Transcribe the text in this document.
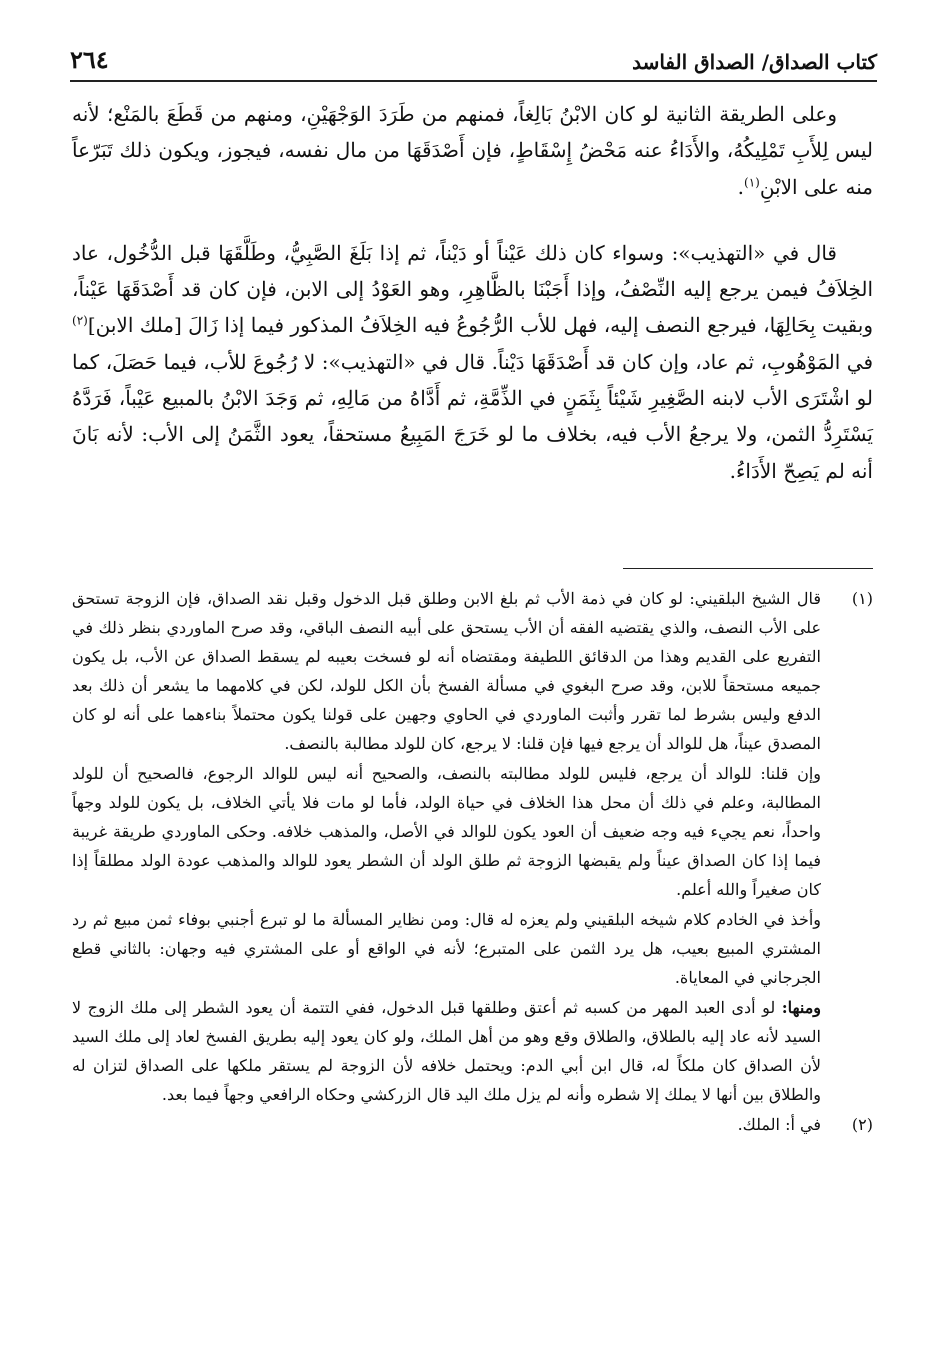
كتاب الصداق/ الصداق الفاسد
٢٦٤

وعلى الطريقة الثانية لو كان الابْنُ بَالِغاً، فمنهم من طَرَدَ الوَجْهَيْنِ، ومنهم من قَطَعَ بالمَنْع؛ لأنه ليس لِلأَبِ تَمْلِيكُهُ، والأَدَاءُ عنه مَحْضُ إِسْقَاطٍ، فإن أَصْدَقَهَا من مال نفسه، فيجوز، ويكون ذلك تَبَرّعاً منه على الابْنِ$^{(١)}$.

قال في «التهذيب»: وسواء كان ذلك عَيْناً أو دَيْناً، ثم إذا بَلَغَ الصَّبِيُّ، وطَلَّقَهَا قبل الدُّخُول، عاد الخِلاَفُ فيمن يرجع إليه النِّصْفُ، وإذا أَجَبْنَا بالظَّاهِرِ، وهو العَوْدُ إلى الابن، فإن كان قد أَصْدَقَهَا عَيْناً، وبقيت بِحَالِهَا، فيرجع النصف إليه، فهل للأب الرُّجُوعُ فيه الخِلاَفُ المذكور فيما إذا زَالَ [ملك الابن]$^{(٢)}$ في المَوْهُوبِ، ثم عاد، وإن كان قد أَصْدَقَهَا دَيْناً. قال في «التهذيب»: لا رُجُوعَ للأب، فيما حَصَلَ، كما لو اشْتَرَى الأب لابنه الصَّغِيرِ شَيْئاً بِثَمَنٍ في الذِّمَّةِ، ثم أَدَّاهُ من مَالِهِ، ثم وَجَدَ الابْنُ بالمبيع عَيْباً، فَرَدَّهُ يَسْتَرِدُّ الثمن، ولا يرجعُ الأب فيه، بخلاف ما لو خَرَجَ المَبِيعُ مستحقاً، يعود الثَّمَنُ إلى الأب: لأنه بَانَ أنه لم يَصِحّ الأَدَاءُ.

(١)

قال الشيخ البلقيني: لو كان في ذمة الأب ثم بلغ الابن وطلق قبل الدخول وقبل نقد الصداق، فإن الزوجة تستحق على الأب النصف، والذي يقتضيه الفقه أن الأب يستحق على أبيه النصف الباقي، وقد صرح الماوردي بنظر ذلك في التفريع على القديم وهذا من الدقائق اللطيفة ومقتضاه أنه لو فسخت بعيبه لم يسقط الصداق عن الأب، بل يكون جميعه مستحقاً للابن، وقد صرح البغوي في مسألة الفسخ بأن الكل للولد، لكن في كلامهما ما يشعر أن ذلك بعد الدفع وليس بشرط لما تقرر وأثبت الماوردي في الحاوي وجهين على قولنا يكون محتملاً بناءهما على أنه لو كان المصدق عيناً، هل للوالد أن يرجع فيها فإن قلنا: لا يرجع، كان للولد مطالبة بالنصف.

وإن قلنا: للوالد أن يرجع، فليس للولد مطالبته بالنصف، والصحيح أنه ليس للوالد الرجوع، فالصحيح أن للولد المطالبة، وعلم في ذلك أن محل هذا الخلاف في حياة الولد، فأما لو مات فلا يأتي الخلاف، بل يكون للولد وجهاً واحداً، نعم يجيء فيه وجه ضعيف أن العود يكون للوالد في الأصل، والمذهب خلافه. وحكى الماوردي طريقة غريبة فيما إذا كان الصداق عيناً ولم يقبضها الزوجة ثم طلق الولد أن الشطر يعود للوالد والمذهب عودة الولد مطلقاً إذا كان صغيراً والله أعلم.

وأخذ في الخادم كلام شيخه البلقيني ولم يعزه له قال: ومن نظاير المسألة ما لو تبرع أجنبي بوفاء ثمن مبيع ثم رد المشتري المبيع بعيب، هل يرد الثمن على المتبرع؛ لأنه في الواقع أو على المشتري فيه وجهان: بالثاني قطع الجرجاني في المعاياة.

ومنها: لو أدى العبد المهر من كسبه ثم أعتق وطلقها قبل الدخول، ففي التتمة أن يعود الشطر إلى ملك الزوج لا السيد لأنه عاد إليه بالطلاق، والطلاق وقع وهو من أهل الملك، ولو كان يعود إليه بطريق الفسخ لعاد إلى ملك السيد لأن الصداق كان ملكاً له، قال ابن أبي الدم: ويحتمل خلافه لأن الزوجة لم يستقر ملكها على الصداق لتزان له والطلاق بين أنها لا يملك إلا شطره وأنه لم يزل ملك اليد قال الزركشي وحكاه الرافعي وجهاً فيما بعد.

(٢)

في أ: الملك.
